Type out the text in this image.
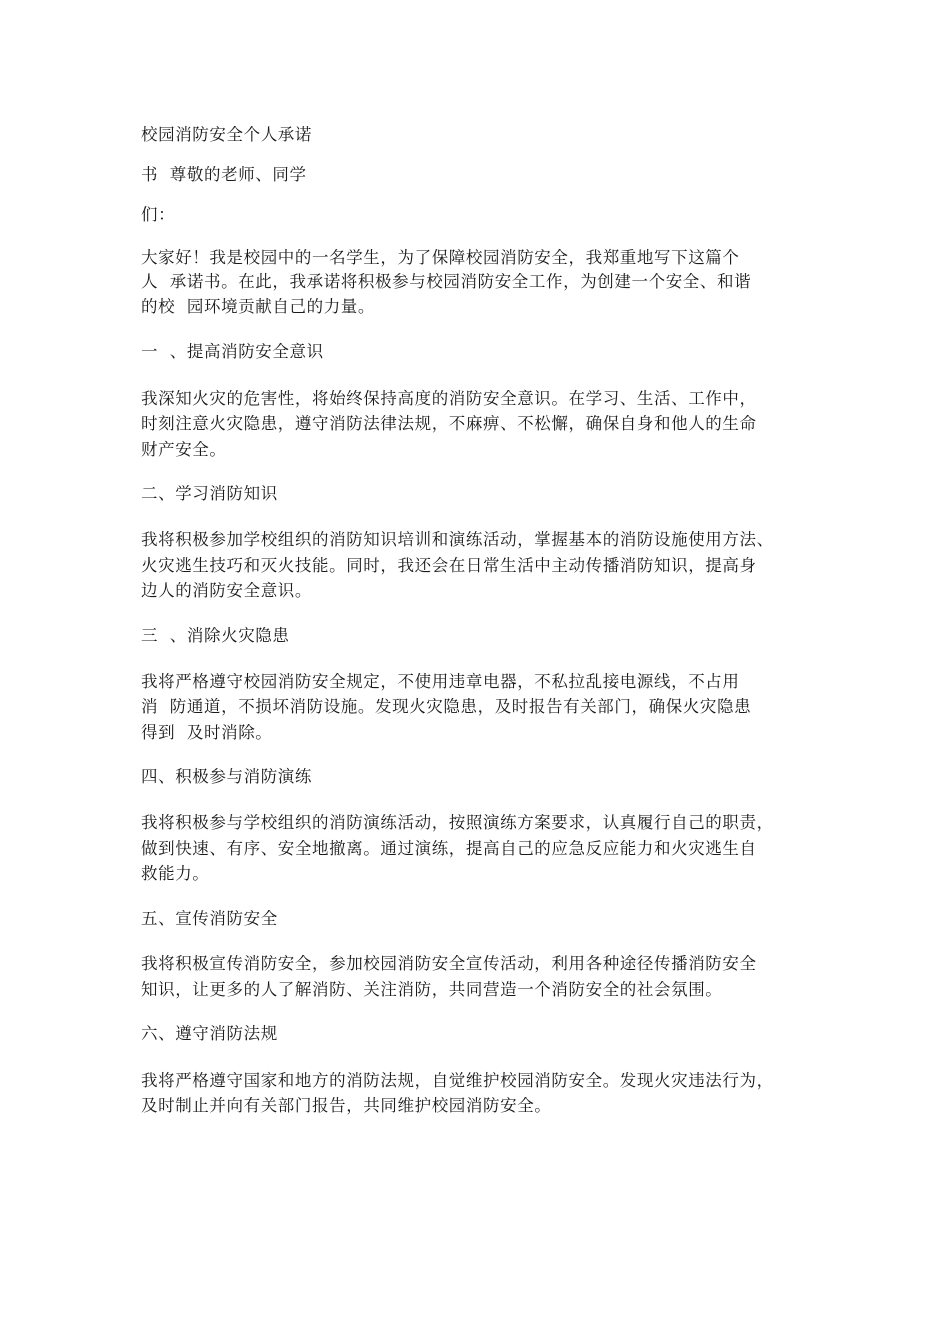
校园消防安全个人承诺
书  尊敬的老师、同学
们：
大家好！我是校园中的一名学生，为了保障校园消防安全，我郑重地写下这篇个
人  承诺书。在此，我承诺将积极参与校园消防安全工作，为创建一个安全、和谐
的校  园环境贡献自己的力量。
一  、提高消防安全意识
我深知火灾的危害性，将始终保持高度的消防安全意识。在学习、生活、工作中，
时刻注意火灾隐患，遵守消防法律法规，不麻痹、不松懈，确保自身和他人的生命
财产安全。
二、学习消防知识
我将积极参加学校组织的消防知识培训和演练活动，掌握基本的消防设施使用方法、
火灾逃生技巧和灭火技能。同时，我还会在日常生活中主动传播消防知识，提高身
边人的消防安全意识。
三  、消除火灾隐患
我将严格遵守校园消防安全规定，不使用违章电器，不私拉乱接电源线，不占用
消  防通道，不损坏消防设施。发现火灾隐患，及时报告有关部门，确保火灾隐患
得到  及时消除。
四、积极参与消防演练
我将积极参与学校组织的消防演练活动，按照演练方案要求，认真履行自己的职责，
做到快速、有序、安全地撤离。通过演练，提高自己的应急反应能力和火灾逃生自
救能力。
五、宣传消防安全
我将积极宣传消防安全，参加校园消防安全宣传活动，利用各种途径传播消防安全
知识，让更多的人了解消防、关注消防，共同营造一个消防安全的社会氛围。
六、遵守消防法规
我将严格遵守国家和地方的消防法规，自觉维护校园消防安全。发现火灾违法行为，
及时制止并向有关部门报告，共同维护校园消防安全。
